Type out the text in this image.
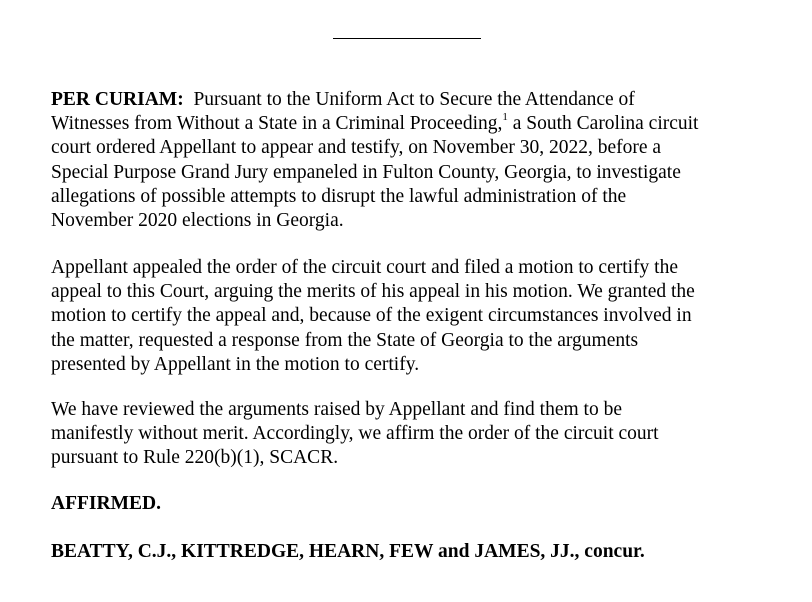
PER CURIAM: Pursuant to the Uniform Act to Secure the Attendance of
Witnesses from Without a State in a Criminal Proceeding,$^1$ a South Carolina circuit
court ordered Appellant to appear and testify, on November 30, 2022, before a
Special Purpose Grand Jury empaneled in Fulton County, Georgia, to investigate
allegations of possible attempts to disrupt the lawful administration of the
November 2020 elections in Georgia.
Appellant appealed the order of the circuit court and filed a motion to certify the
appeal to this Court, arguing the merits of his appeal in his motion. We granted the
motion to certify the appeal and, because of the exigent circumstances involved in
the matter, requested a response from the State of Georgia to the arguments
presented by Appellant in the motion to certify.
We have reviewed the arguments raised by Appellant and find them to be
manifestly without merit. Accordingly, we affirm the order of the circuit court
pursuant to Rule 220(b)(1), SCACR.
AFFIRMED.
BEATTY, C.J., KITTREDGE, HEARN, FEW and JAMES, JJ., concur.
